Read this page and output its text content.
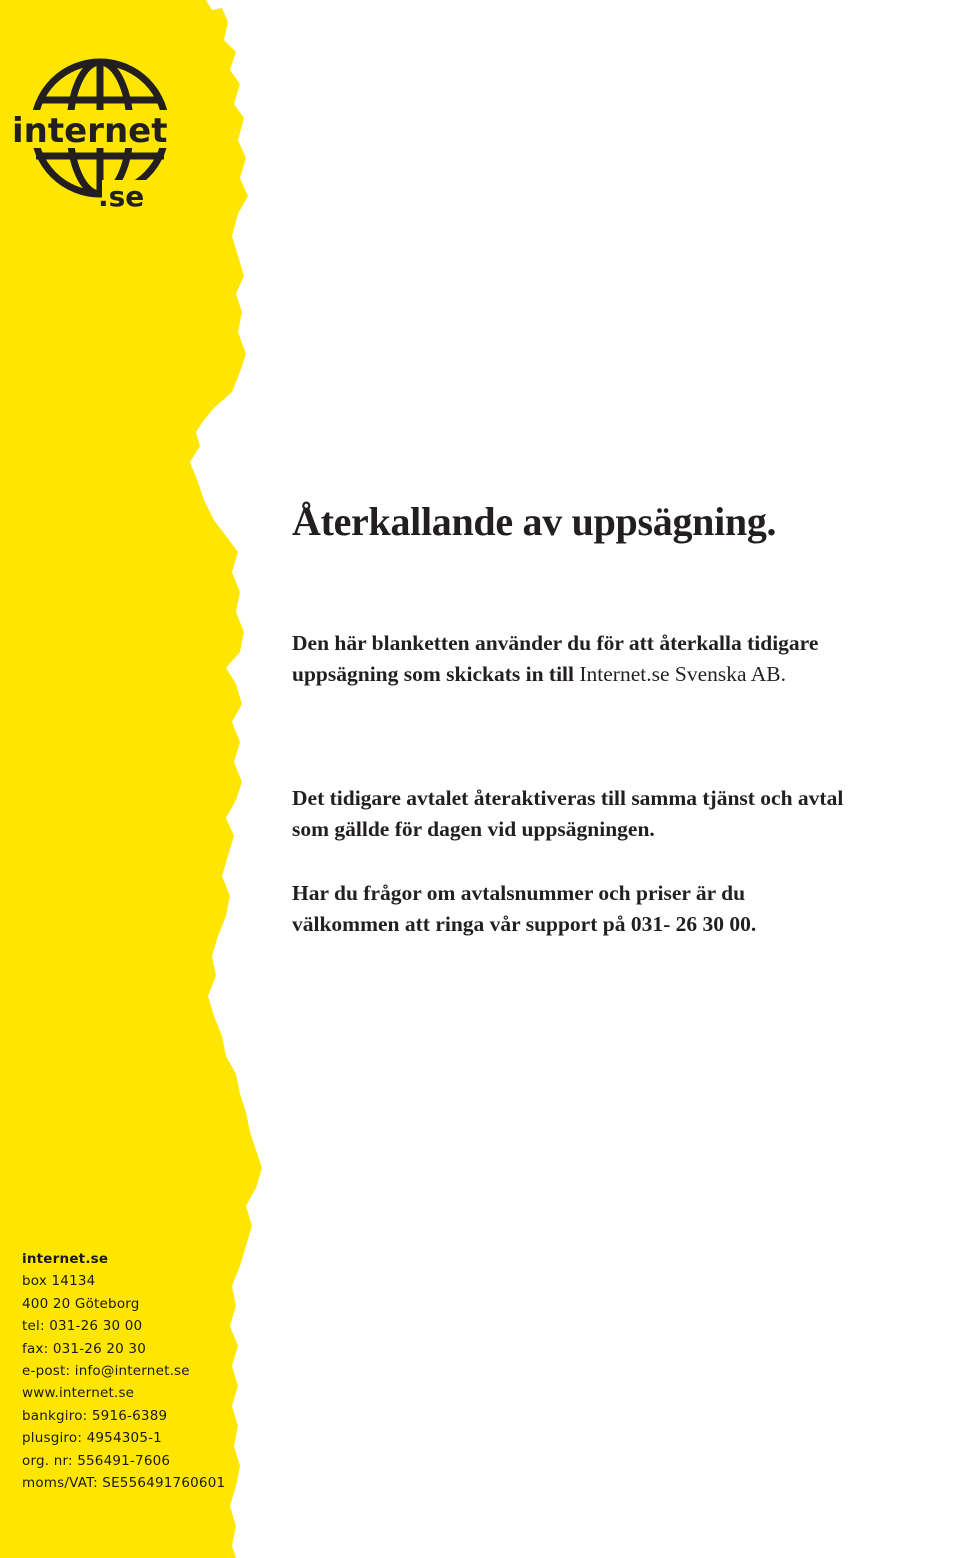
internet
.se
Återkallande av uppsägning.

Den här blanketten använder du för att återkalla tidigare
uppsägning som skickats in till Internet.se Svenska AB.

Det tidigare avtalet återaktiveras till samma tjänst och avtal
som gällde för dagen vid uppsägningen.

Har du frågor om avtalsnummer och priser är du
välkommen att ringa vår support på 031- 26 30 00.

internet.se
box 14134
400 20 Göteborg
tel: 031-26 30 00
fax: 031-26 20 30
e-post: info@internet.se
www.internet.se
bankgiro: 5916-6389
plusgiro: 4954305-1
org. nr: 556491-7606
moms/VAT: SE556491760601
